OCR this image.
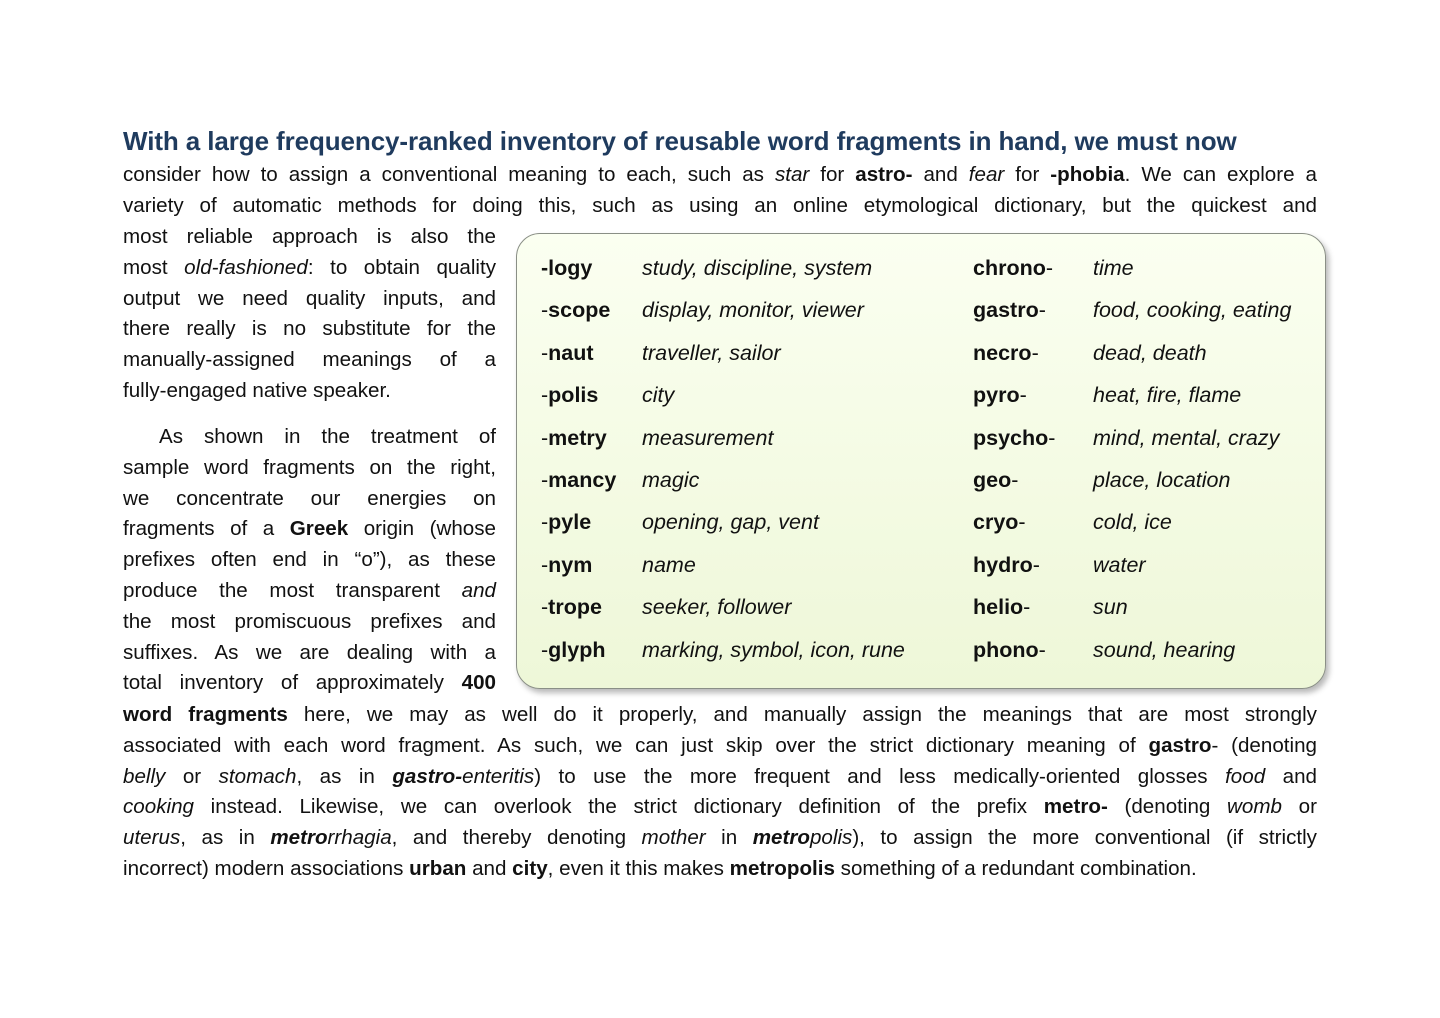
With a large frequency-ranked inventory of reusable word fragments in hand, we must now
consider how to assign a conventional meaning to each, such as star for astro- and fear for -phobia. We can explore a
variety of automatic methods for doing this, such as using an online etymological dictionary, but the quickest and
most reliable approach is also the
most old-fashioned: to obtain quality
output we need quality inputs, and
there really is no substitute for the
manually-assigned meanings of a
fully-engaged native speaker.
As shown in the treatment of
sample word fragments on the right,
we concentrate our energies on
fragments of a Greek origin (whose
prefixes often end in “o”), as these
produce the most transparent and
the most promiscuous prefixes and
suffixes. As we are dealing with a
total inventory of approximately 400
-logy study, discipline, system	chrono- time
-scope display, monitor, viewer	gastro- food, cooking, eating
-naut traveller, sailor	necro-	dead, death
-polis city	pyro-	heat, fire, flame
-metry measurement	psycho- mind, mental, crazy
-mancy magic	geo-	place, location
-pyle opening, gap, vent	cryo-	cold, ice
-nym name	hydro- water
-trope seeker, follower	helio-	sun
-glyph marking, symbol, icon, rune	phono- sound, hearing
word fragments here, we may as well do it properly, and manually assign the meanings that are most strongly
associated with each word fragment. As such, we can just skip over the strict dictionary meaning of gastro- (denoting
belly or stomach, as in gastro-enteritis) to use the more frequent and less medically-oriented glosses food and
cooking instead. Likewise, we can overlook the strict dictionary definition of the prefix metro- (denoting womb or
uterus, as in metrorrhagia, and thereby denoting mother in metropolis), to assign the more conventional (if strictly
incorrect) modern associations urban and city, even it this makes metropolis something of a redundant combination.
